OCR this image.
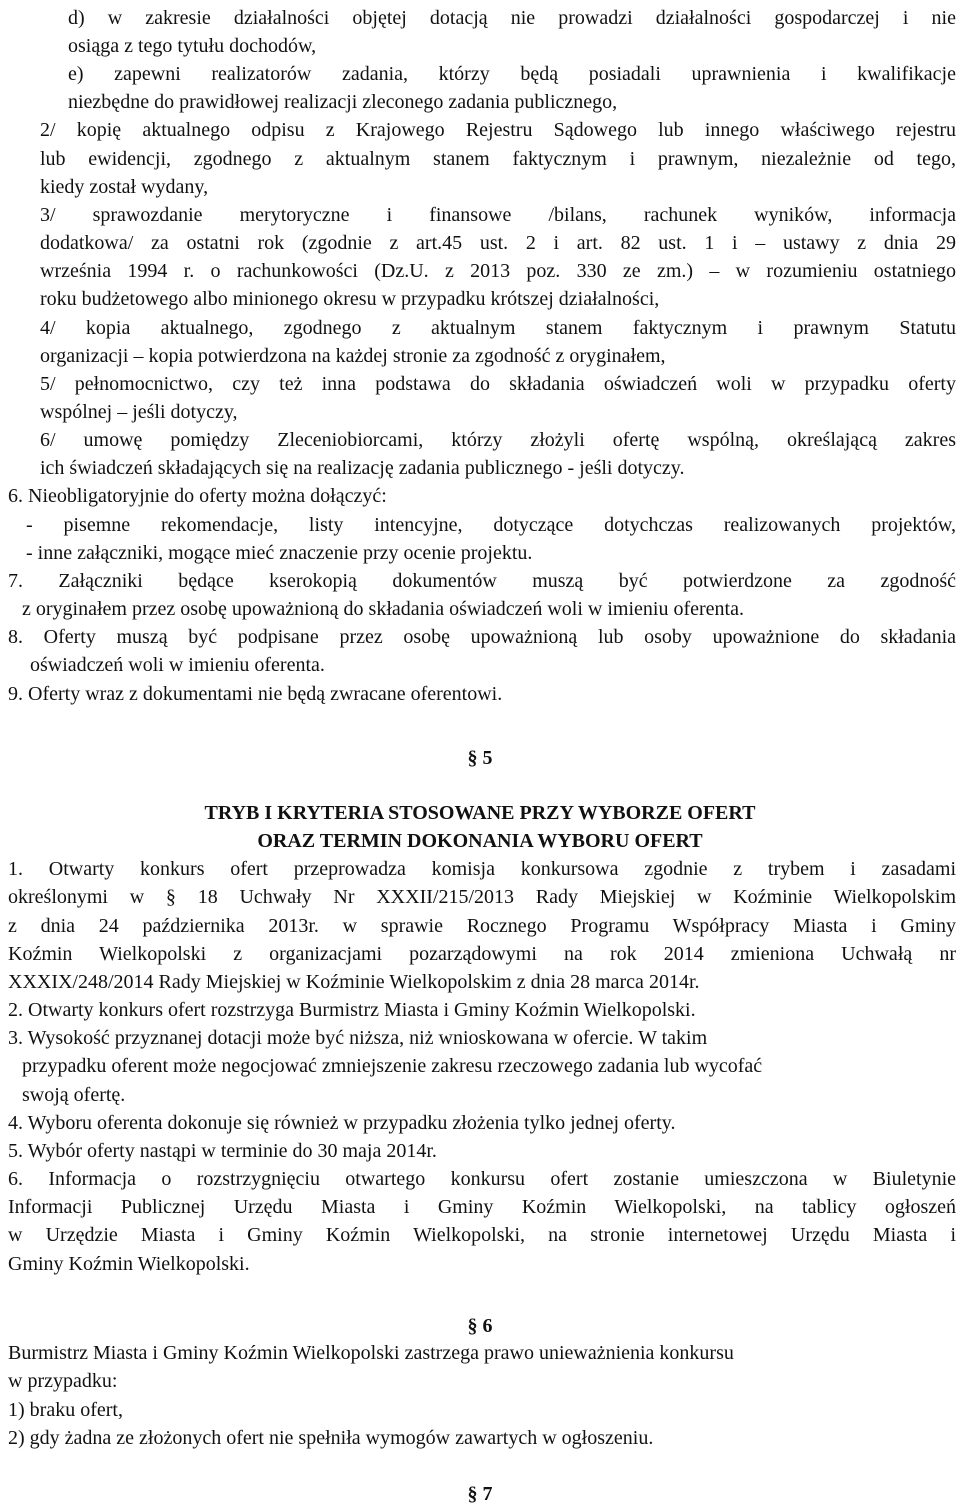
d) w zakresie działalności objętej dotacją nie prowadzi działalności gospodarczej i nie
osiąga z tego tytułu dochodów,
e) zapewni realizatorów zadania, którzy będą posiadali uprawnienia i kwalifikacje
niezbędne do prawidłowej realizacji zleconego zadania publicznego,
2/ kopię aktualnego odpisu z Krajowego Rejestru Sądowego lub innego właściwego rejestru
lub ewidencji, zgodnego z aktualnym stanem faktycznym i prawnym, niezależnie od tego,
kiedy został wydany,
3/ sprawozdanie merytoryczne i finansowe /bilans, rachunek wyników, informacja
dodatkowa/ za ostatni rok (zgodnie z art.45 ust. 2 i art. 82 ust. 1 i – ustawy z dnia 29
września 1994 r. o rachunkowości (Dz.U. z 2013 poz. 330 ze zm.) – w rozumieniu ostatniego
roku budżetowego albo minionego okresu w przypadku krótszej działalności,
4/ kopia aktualnego, zgodnego z aktualnym stanem faktycznym i prawnym Statutu
organizacji – kopia potwierdzona na każdej stronie za zgodność z oryginałem,
5/ pełnomocnictwo, czy też inna podstawa do składania oświadczeń woli w przypadku oferty
wspólnej – jeśli dotyczy,
6/ umowę pomiędzy Zleceniobiorcami, którzy złożyli ofertę wspólną, określającą zakres
ich świadczeń składających się na realizację zadania publicznego - jeśli dotyczy.
6. Nieobligatoryjnie do oferty można dołączyć:
- pisemne rekomendacje, listy intencyjne, dotyczące dotychczas realizowanych projektów,
- inne załączniki, mogące mieć znaczenie przy ocenie projektu.
7. Załączniki będące kserokopią dokumentów muszą być potwierdzone za zgodność
z oryginałem przez osobę upoważnioną do składania oświadczeń woli w imieniu oferenta.
8. Oferty muszą być podpisane przez osobę upoważnioną lub osoby upoważnione do składania
oświadczeń woli w imieniu oferenta.
9. Oferty wraz z dokumentami nie będą zwracane oferentowi.
§ 5
TRYB I KRYTERIA STOSOWANE PRZY WYBORZE OFERT
ORAZ TERMIN DOKONANIA WYBORU OFERT
1. Otwarty konkurs ofert przeprowadza komisja konkursowa zgodnie z trybem i zasadami
określonymi w § 18 Uchwały Nr XXXII/215/2013 Rady Miejskiej w Koźminie Wielkopolskim
z dnia 24 października 2013r. w sprawie Rocznego Programu Współpracy Miasta i Gminy
Koźmin Wielkopolski z organizacjami pozarządowymi na rok 2014 zmieniona Uchwałą nr
XXXIX/248/2014 Rady Miejskiej w Koźminie Wielkopolskim z dnia 28 marca 2014r.
2. Otwarty konkurs ofert rozstrzyga Burmistrz Miasta i Gminy Koźmin Wielkopolski.
3. Wysokość przyznanej dotacji może być niższa, niż wnioskowana w ofercie. W takim
przypadku oferent może negocjować zmniejszenie zakresu rzeczowego zadania lub wycofać
swoją ofertę.
4. Wyboru oferenta dokonuje się również w przypadku złożenia tylko jednej oferty.
5. Wybór oferty nastąpi w terminie do 30 maja 2014r.
6. Informacja o rozstrzygnięciu otwartego konkursu ofert zostanie umieszczona w Biuletynie
Informacji Publicznej Urzędu Miasta i Gminy Koźmin Wielkopolski, na tablicy ogłoszeń
w Urzędzie Miasta i Gminy Koźmin Wielkopolski, na stronie internetowej Urzędu Miasta i
Gminy Koźmin Wielkopolski.
§ 6
Burmistrz Miasta i Gminy Koźmin Wielkopolski zastrzega prawo unieważnienia konkursu
w przypadku:
1) braku ofert,
2) gdy żadna ze złożonych ofert nie spełniła wymogów zawartych w ogłoszeniu.
§ 7
